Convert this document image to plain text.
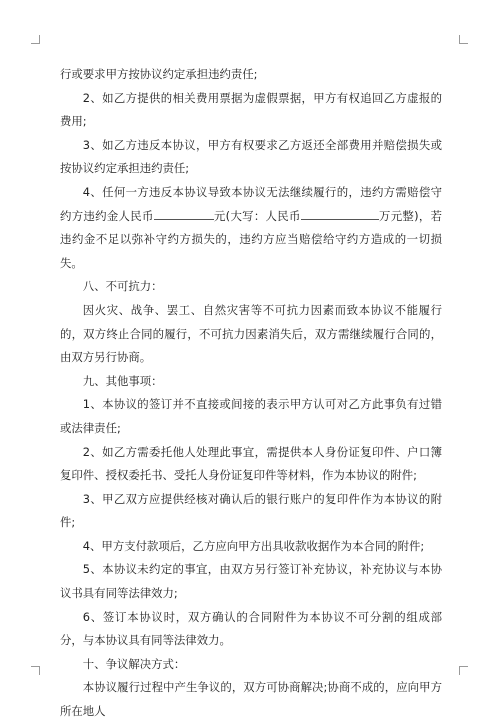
行或要求甲方按协议约定承担违约责任;

2、如乙方提供的相关费用票据为虚假票据，甲方有权追回乙方虚报的费用;

3、如乙方违反本协议，甲方有权要求乙方返还全部费用并赔偿损失或按协议约定承担违约责任;

4、任何一方违反本协议导致本协议无法继续履行的，违约方需赔偿守约方违约金人民币	元(大写：人民币	万元整)，若违约金不足以弥补守约方损失的，违约方应当赔偿给守约方造成的一切损失。

八、不可抗力：

因火灾、战争、罢工、自然灾害等不可抗力因素而致本协议不能履行的，双方终止合同的履行，不可抗力因素消失后，双方需继续履行合同的，由双方另行协商。

九、其他事项：

1、本协议的签订并不直接或间接的表示甲方认可对乙方此事负有过错或法律责任;

2、如乙方需委托他人处理此事宜，需提供本人身份证复印件、户口簿复印件、授权委托书、受托人身份证复印件等材料，作为本协议的附件;

3、甲乙双方应提供经核对确认后的银行账户的复印件作为本协议的附件;

4、甲方支付款项后，乙方应向甲方出具收款收据作为本合同的附件;

5、本协议未约定的事宜，由双方另行签订补充协议，补充协议与本协议书具有同等法律效力;

6、签订本协议时，双方确认的合同附件为本协议不可分割的组成部分，与本协议具有同等法律效力。

十、争议解决方式：

本协议履行过程中产生争议的，双方可协商解决;协商不成的，应向甲方所在地人
